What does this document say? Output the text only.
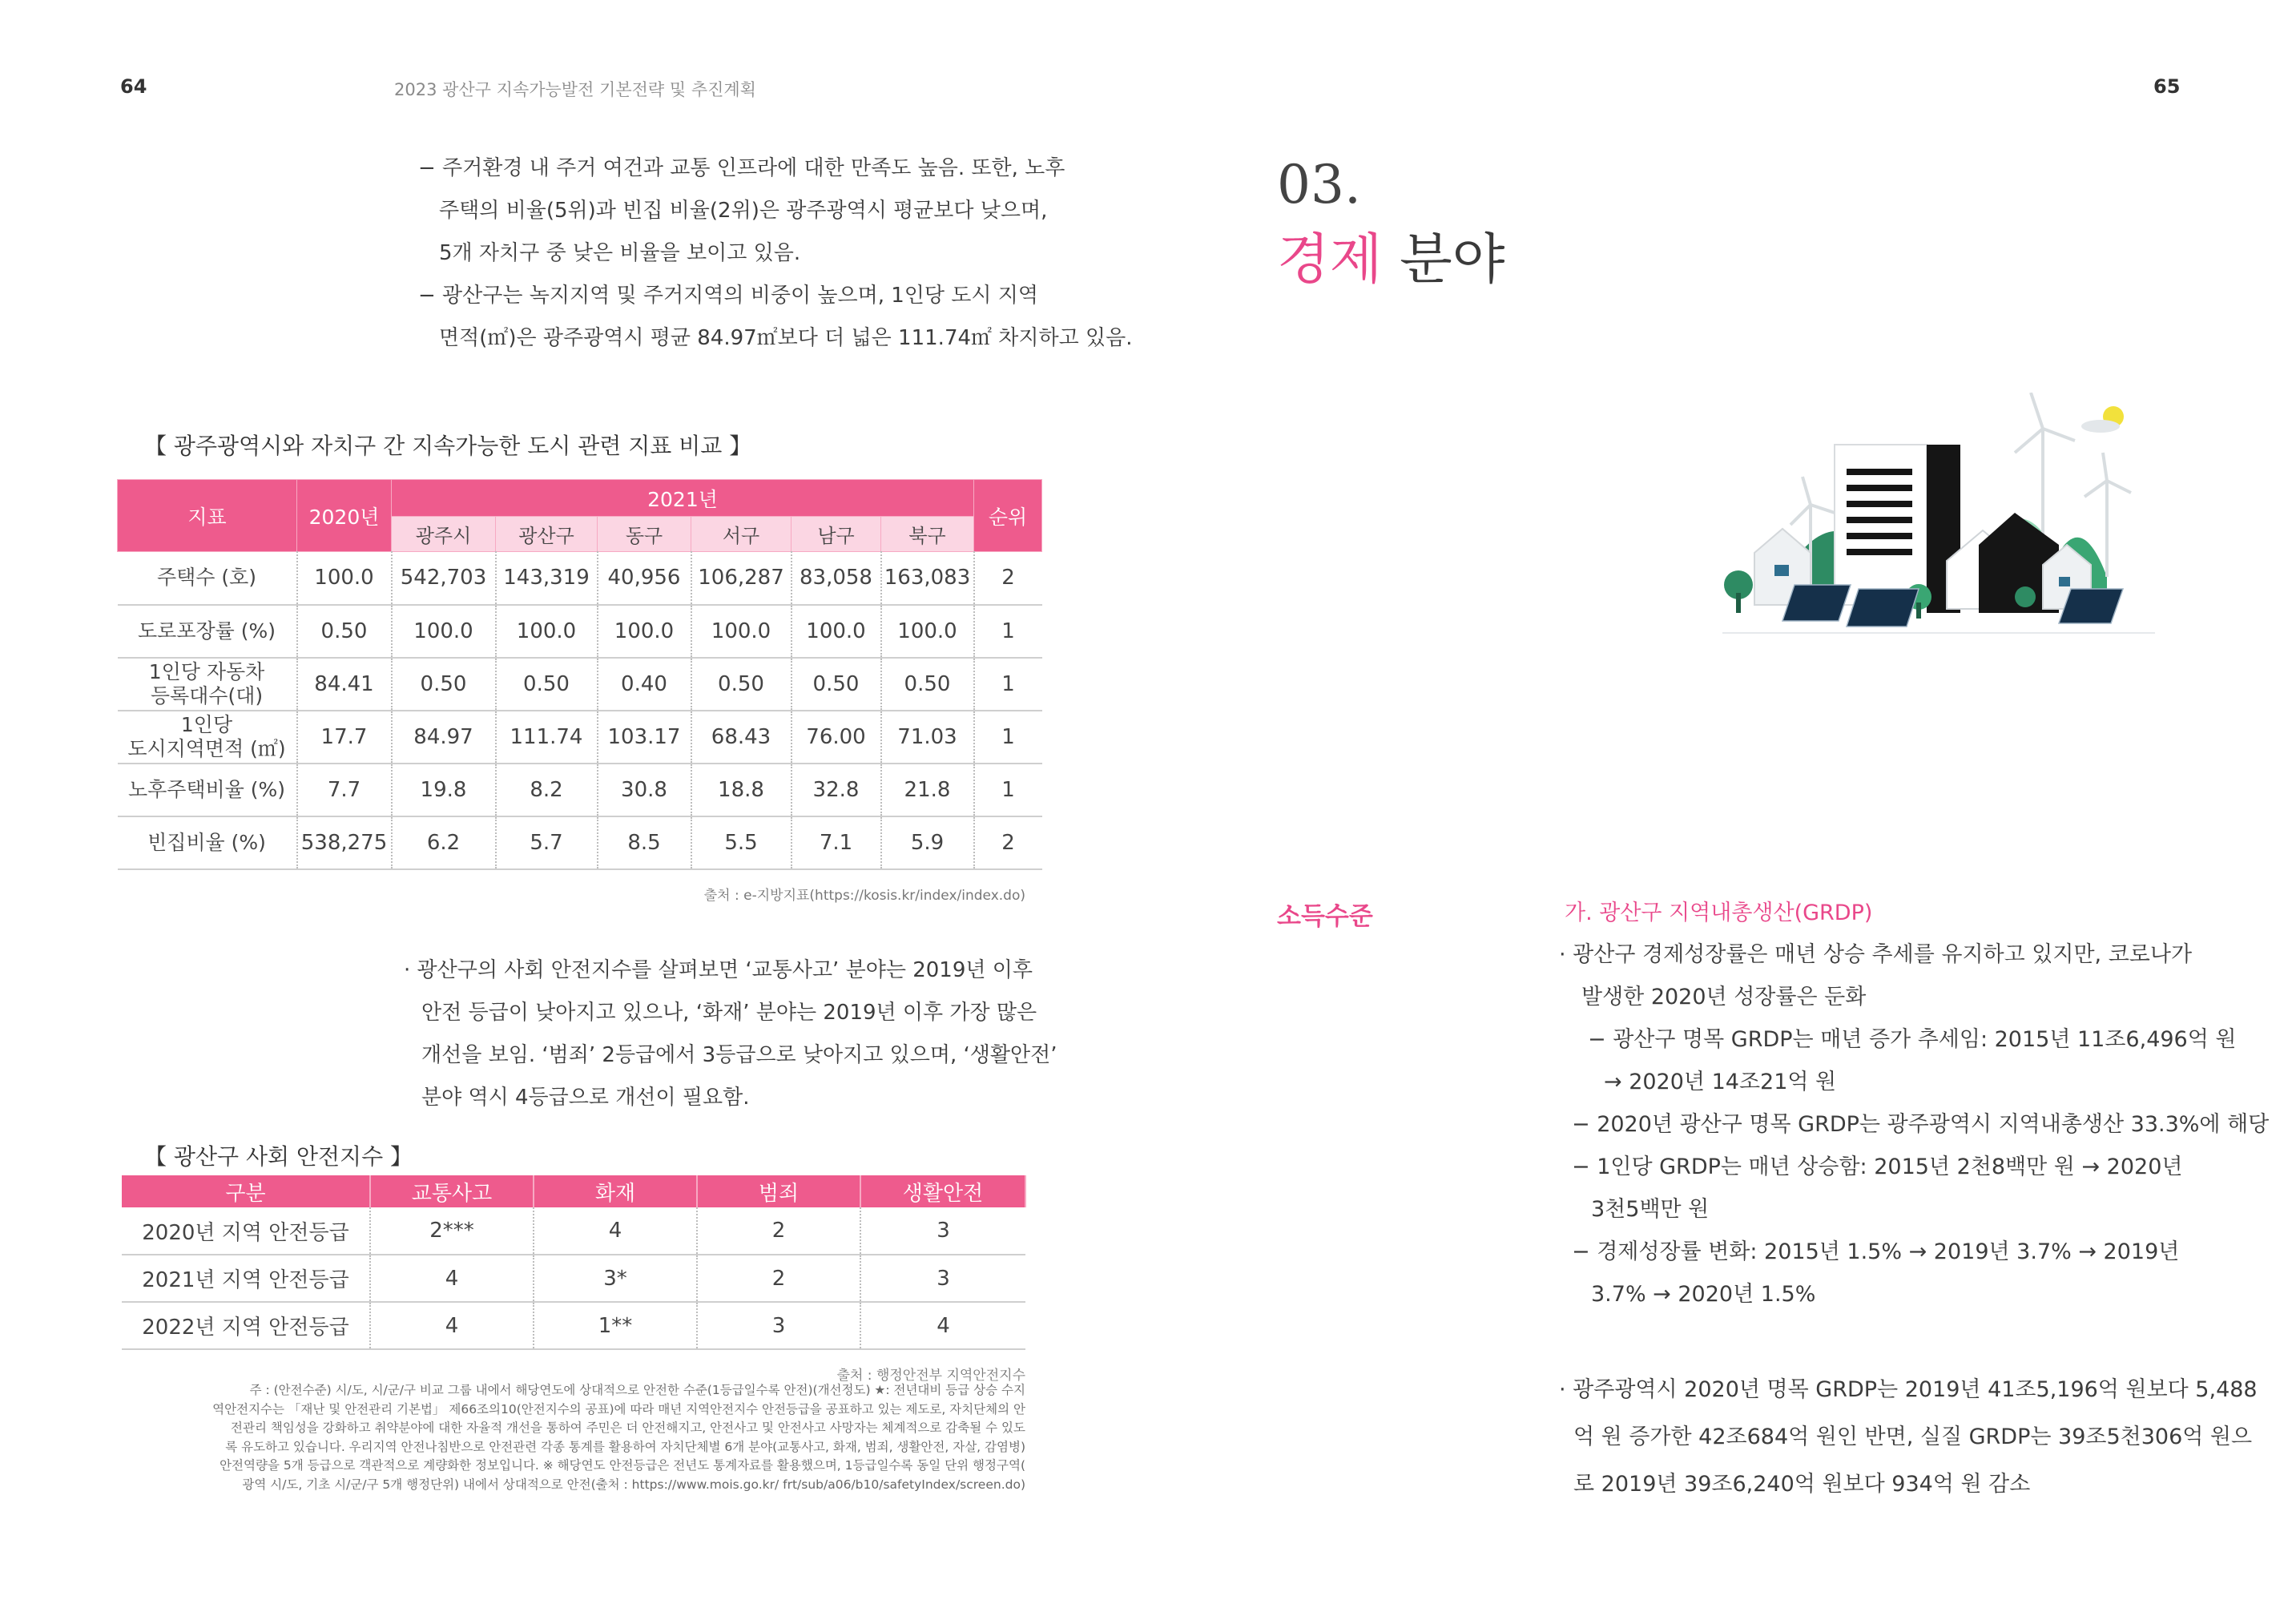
64	2023 광산구 지속가능발전 기본전략 및 추진계획	65
− 주거환경 내 주거 여건과 교통 인프라에 대한 만족도 높음. 또한, 노후
주택의 비율(5위)과 빈집 비율(2위)은 광주광역시 평균보다 낮으며,
5개 자치구 중 낮은 비율을 보이고 있음.
− 광산구는 녹지지역 및 주거지역의 비중이 높으며, 1인당 도시 지역
면적(㎡)은 광주광역시 평균 84.97㎡보다 더 넓은 111.74㎡ 차지하고 있음.
【 광주광역시와 자치구 간 지속가능한 도시 관련 지표 비교 】
지표	2020년	2021년						순위
		광주시	광산구	동구	서구	남구	북구	
주택수 (호)	100.0	542,703	143,319	40,956	106,287	83,058	163,083	2
도로포장률 (%)	0.50	100.0	100.0	100.0	100.0	100.0	100.0	1
1인당 자동차
등록대수(대)	84.41	0.50	0.50	0.40	0.50	0.50	0.50	1
1인당
도시지역면적 (㎡)	17.7	84.97	111.74	103.17	68.43	76.00	71.03	1
노후주택비율 (%)	7.7	19.8	8.2	30.8	18.8	32.8	21.8	1
빈집비율 (%)	538,275	6.2	5.7	8.5	5.5	7.1	5.9	2
출처 : e-지방지표(https://kosis.kr/index/index.do)
· 광산구의 사회 안전지수를 살펴보면 ‘교통사고’ 분야는 2019년 이후
안전 등급이 낮아지고 있으나, ‘화재’ 분야는 2019년 이후 가장 많은
개선을 보임. ‘범죄’ 2등급에서 3등급으로 낮아지고 있으며, ‘생활안전’
분야 역시 4등급으로 개선이 필요함.
【 광산구 사회 안전지수 】
구분	교통사고	화재	범죄	생활안전
2020년 지역 안전등급	2***	4	2	3
2021년 지역 안전등급	4	3*	2	3
2022년 지역 안전등급	4	1**	3	4
출처 : 행정안전부 지역안전지수
주 : (안전수준) 시/도, 시/군/구 비교 그룹 내에서 해당연도에 상대적으로 안전한 수준(1등급일수록 안전)(개선정도) ★: 전년대비 등급 상승 수지
역안전지수는 「재난 및 안전관리 기본법」 제66조의10(안전지수의 공표)에 따라 매년 지역안전지수 안전등급을 공표하고 있는 제도로, 자치단체의 안
전관리 책임성을 강화하고 취약분야에 대한 자율적 개선을 통하여 주민은 더 안전해지고, 안전사고 및 안전사고 사망자는 체계적으로 감축될 수 있도
록 유도하고 있습니다. 우리지역 안전나침반으로 안전관련 각종 통계를 활용하여 자치단체별 6개 분야(교통사고, 화재, 범죄, 생활안전, 자살, 감염병)
안전역량을 5개 등급으로 객관적으로 계량화한 정보입니다. ※ 해당연도 안전등급은 전년도 통계자료를 활용했으며, 1등급일수록 동일 단위 행정구역(
광역 시/도, 기초 시/군/구 5개 행정단위) 내에서 상대적으로 안전(출처 : https://www.mois.go.kr/ frt/sub/a06/b10/safetyIndex/screen.do)
03.
경제 분야
소득수준	가. 광산구 지역내총생산(GRDP)
· 광산구 경제성장률은 매년 상승 추세를 유지하고 있지만, 코로나가
발생한 2020년 성장률은 둔화
− 광산구 명목 GRDP는 매년 증가 추세임: 2015년 11조6,496억 원
→ 2020년 14조21억 원
− 2020년 광산구 명목 GRDP는 광주광역시 지역내총생산 33.3%에 해당
− 1인당 GRDP는 매년 상승함: 2015년 2천8백만 원 → 2020년
3천5백만 원
− 경제성장률 변화: 2015년 1.5% → 2019년 3.7% → 2019년
3.7% → 2020년 1.5%
· 광주광역시 2020년 명목 GRDP는 2019년 41조5,196억 원보다 5,488
억 원 증가한 42조684억 원인 반면, 실질 GRDP는 39조5천306억 원으
로 2019년 39조6,240억 원보다 934억 원 감소
